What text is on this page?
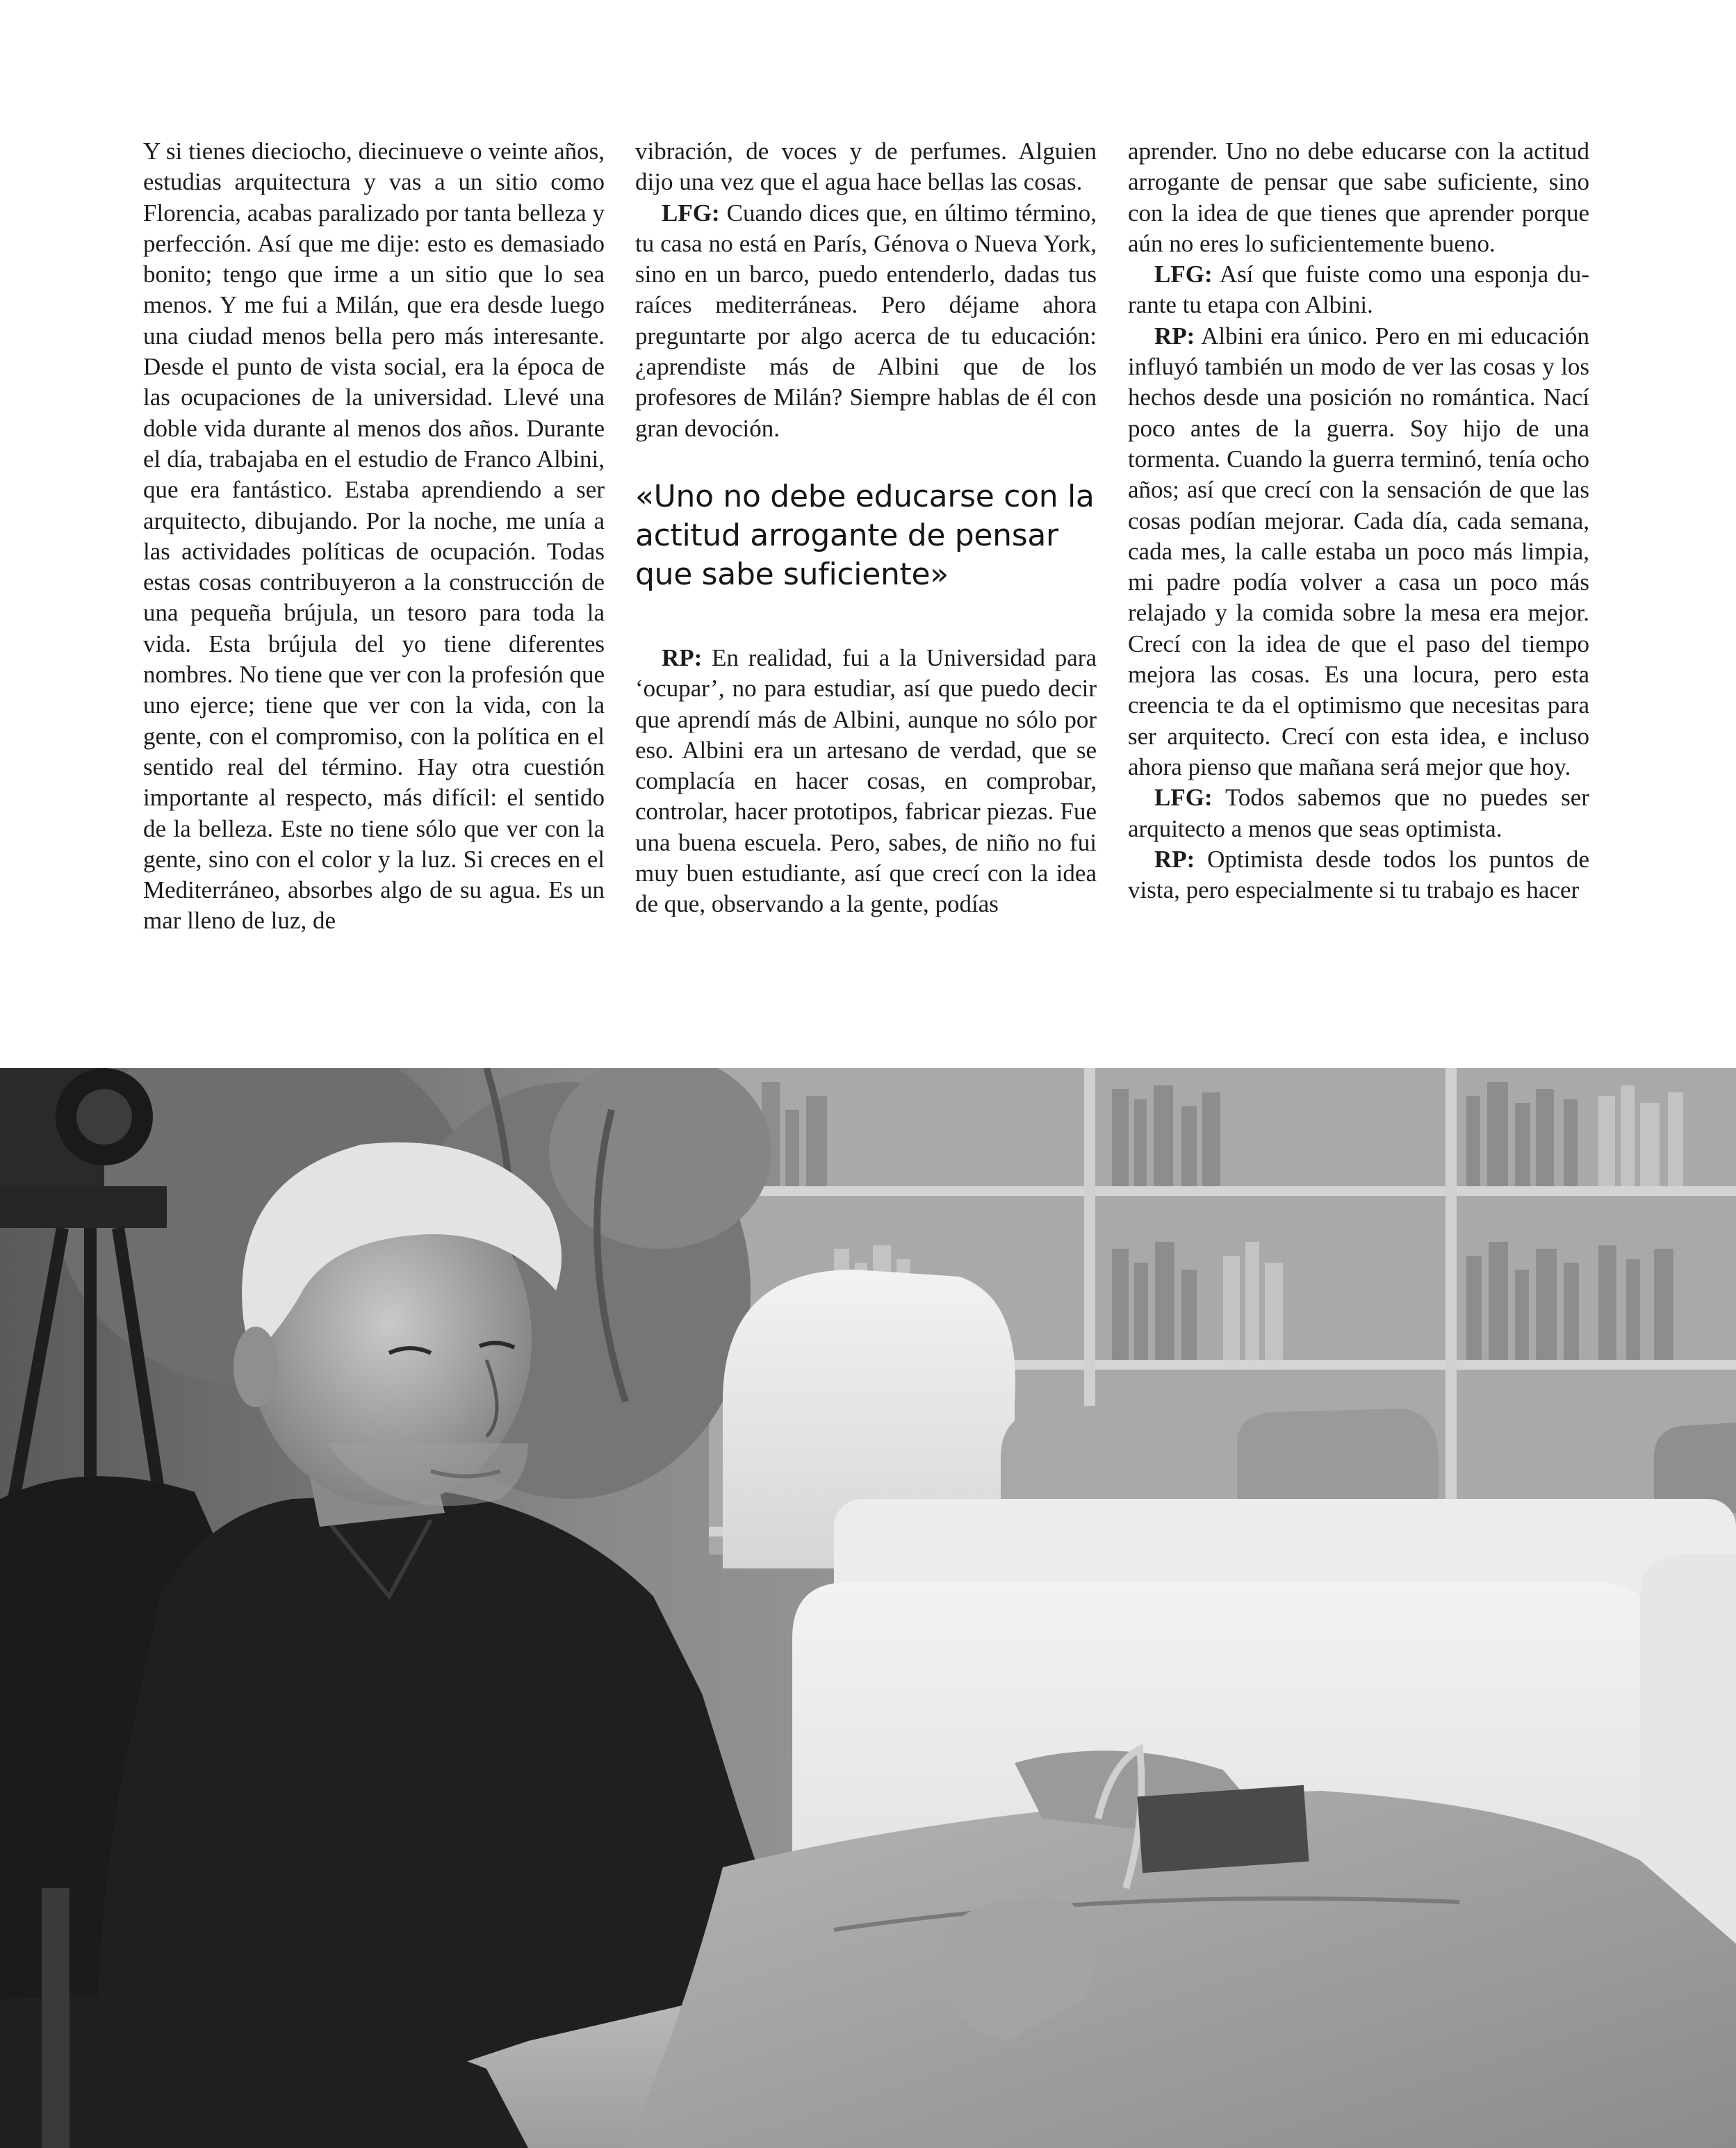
Y si tienes dieciocho, diecinueve o veinte años, estudias arquitectura y vas a un sitio como Florencia, acabas paralizado por tanta belleza y perfección. Así que me dije: esto es demasiado bonito; tengo que irme a un sitio que lo sea menos. Y me fui a Milán, que era desde luego una ciudad menos bella pero más interesante. Desde el punto de vista social, era la época de las ocupaciones de la universidad. Llevé una doble vida durante al menos dos años. Durante el día, trabajaba en el estudio de Franco Albini, que era fantástico. Estaba aprendiendo a ser arquitecto, dibujando. Por la noche, me unía a las actividades políticas de ocupación. Todas estas cosas contribuyeron a la construcción de una pequeña brújula, un tesoro para toda la vida. Esta brújula del yo tiene diferentes nombres. No tiene que ver con la profesión que uno ejerce; tiene que ver con la vida, con la gente, con el compromiso, con la política en el sentido real del término. Hay otra cuestión importante al respecto, más difícil: el sentido de la belleza. Este no tiene sólo que ver con la gente, sino con el color y la luz. Si creces en el Mediterráneo, absorbes algo de su agua. Es un mar lleno de luz, de

vibración, de voces y de perfumes. Alguien dijo una vez que el agua hace bellas las cosas.

LFG: Cuando dices que, en último término, tu casa no está en París, Génova o Nueva York, sino en un barco, puedo entenderlo, dadas tus raíces mediterráneas. Pero déjame ahora preguntarte por algo acerca de tu educación: ¿aprendiste más de Albini que de los profesores de Milán? Siempre hablas de él con gran devoción.

«Uno no debe educarse con la actitud arrogante de pensar que sabe suficiente»

RP: En realidad, fui a la Universidad para ‘ocupar’, no para estudiar, así que puedo decir que aprendí más de Albini, aunque no sólo por eso. Albini era un artesano de verdad, que se complacía en hacer cosas, en comprobar, controlar, hacer prototipos, fabricar piezas. Fue una buena escuela. Pero, sabes, de niño no fui muy buen estudiante, así que crecí con la idea de que, observando a la gente, podías

aprender. Uno no debe educarse con la actitud arrogante de pensar que sabe suficiente, sino con la idea de que tienes que aprender porque aún no eres lo suficientemente bueno.

LFG: Así que fuiste como una esponja durante tu etapa con Albini.

RP: Albini era único. Pero en mi educación influyó también un modo de ver las cosas y los hechos desde una posición no romántica. Nací poco antes de la guerra. Soy hijo de una tormenta. Cuando la guerra terminó, tenía ocho años; así que crecí con la sensación de que las cosas podían mejorar. Cada día, cada semana, cada mes, la calle estaba un poco más limpia, mi padre podía volver a casa un poco más relajado y la comida sobre la mesa era mejor. Crecí con la idea de que el paso del tiempo mejora las cosas. Es una locura, pero esta creencia te da el optimismo que necesitas para ser arquitecto. Crecí con esta idea, e incluso ahora pienso que mañana será mejor que hoy.

LFG: Todos sabemos que no puedes ser arquitecto a menos que seas optimista.

RP: Optimista desde todos los puntos de vista, pero especialmente si tu trabajo es hacer
